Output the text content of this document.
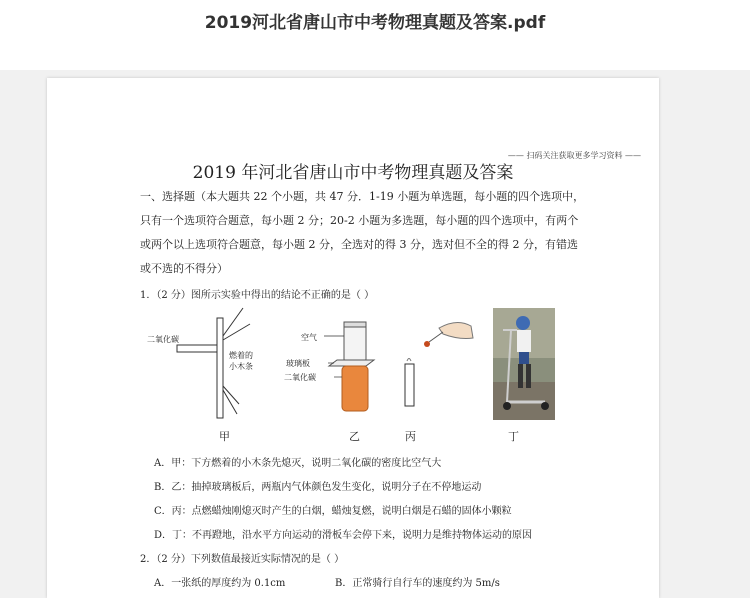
2019河北省唐山市中考物理真题及答案.pdf
—— 扫码关注获取更多学习资料 ——
2019 年河北省唐山市中考物理真题及答案
一、选择题（本大题共 22 个小题，共 47 分．1-19 小题为单选题，每小题的四个选项中，
只有一个选项符合题意，每小题 2 分；20-2 小题为多选题，每小题的四个选项中，有两个
或两个以上选项符合题意，每小题 2 分，全选对的得 3 分，选对但不全的得 2 分，有错选
或不选的不得分）
1．（2 分）图所示实验中得出的结论不正确的是（ ）
二氧化碳
燃着的
小木条
甲
空气
玻璃板
二氧化碳
乙	丙	丁
A．甲：下方燃着的小木条先熄灭，说明二氧化碳的密度比空气大
B．乙：抽掉玻璃板后，两瓶内气体颜色发生变化，说明分子在不停地运动
C．丙：点燃蜡烛刚熄灭时产生的白烟，蜡烛复燃，说明白烟是石蜡的固体小颗粒
D．丁：不再蹬地，沿水平方向运动的滑板车会停下来，说明力是维持物体运动的原因
2．（2 分）下列数值最接近实际情况的是（ ）
A．一张纸的厚度约为 0.1cm	B．正常骑行自行车的速度约为 5m/s
